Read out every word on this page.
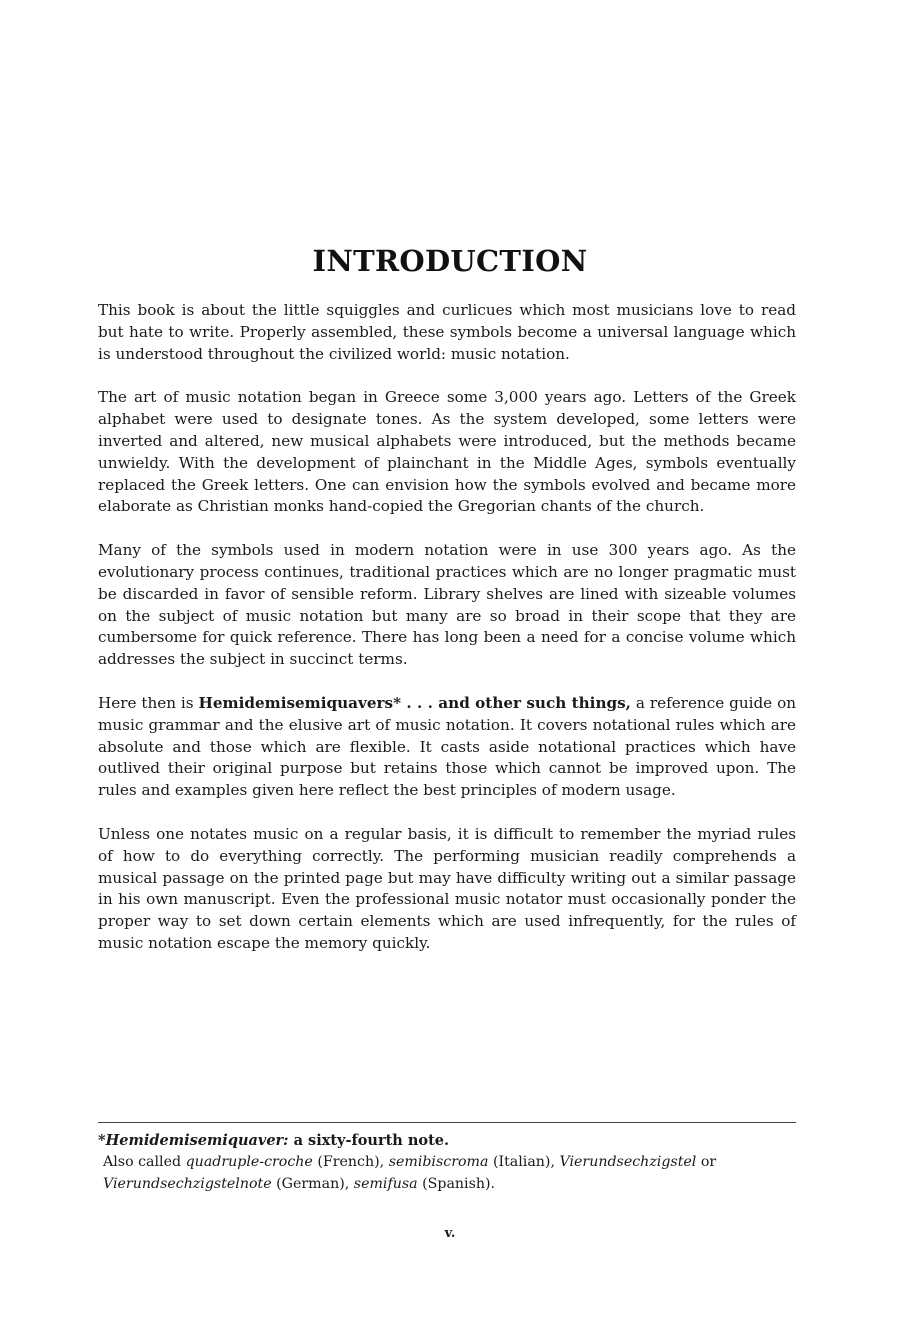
INTRODUCTION

This book is about the little squiggles and curlicues which most musicians love to read but hate to write. Properly assembled, these symbols become a universal language which is understood throughout the civilized world: music notation.

The art of music notation began in Greece some 3,000 years ago. Letters of the Greek alphabet were used to designate tones. As the system developed, some letters were inverted and altered, new musical alphabets were introduced, but the methods became unwieldy. With the development of plainchant in the Middle Ages, symbols eventually replaced the Greek letters. One can envision how the symbols evolved and became more elaborate as Christian monks hand-copied the Gregorian chants of the church.

Many of the symbols used in modern notation were in use 300 years ago. As the evolutionary process continues, traditional practices which are no longer pragmatic must be discarded in favor of sensible reform. Library shelves are lined with sizeable volumes on the subject of music notation but many are so broad in their scope that they are cumbersome for quick reference. There has long been a need for a concise volume which addresses the subject in succinct terms.

Here then is Hemidemisemiquavers* . . . and other such things, a reference guide on music grammar and the elusive art of music notation. It covers notational rules which are absolute and those which are flexible. It casts aside notational practices which have outlived their original purpose but retains those which cannot be improved upon. The rules and examples given here reflect the best principles of modern usage.

Unless one notates music on a regular basis, it is difficult to remember the myriad rules of how to do everything correctly. The performing musician readily comprehends a musical passage on the printed page but may have difficulty writing out a similar passage in his own manuscript. Even the professional music notator must occasionally ponder the proper way to set down certain elements which are used infrequently, for the rules of music notation escape the memory quickly.

*Hemidemisemiquaver: a sixty-fourth note.

Also called quadruple-croche (French), semibiscroma (Italian), Vierundsechzigstel or Vierundsechzigstelnote (German), semifusa (Spanish).

v.
